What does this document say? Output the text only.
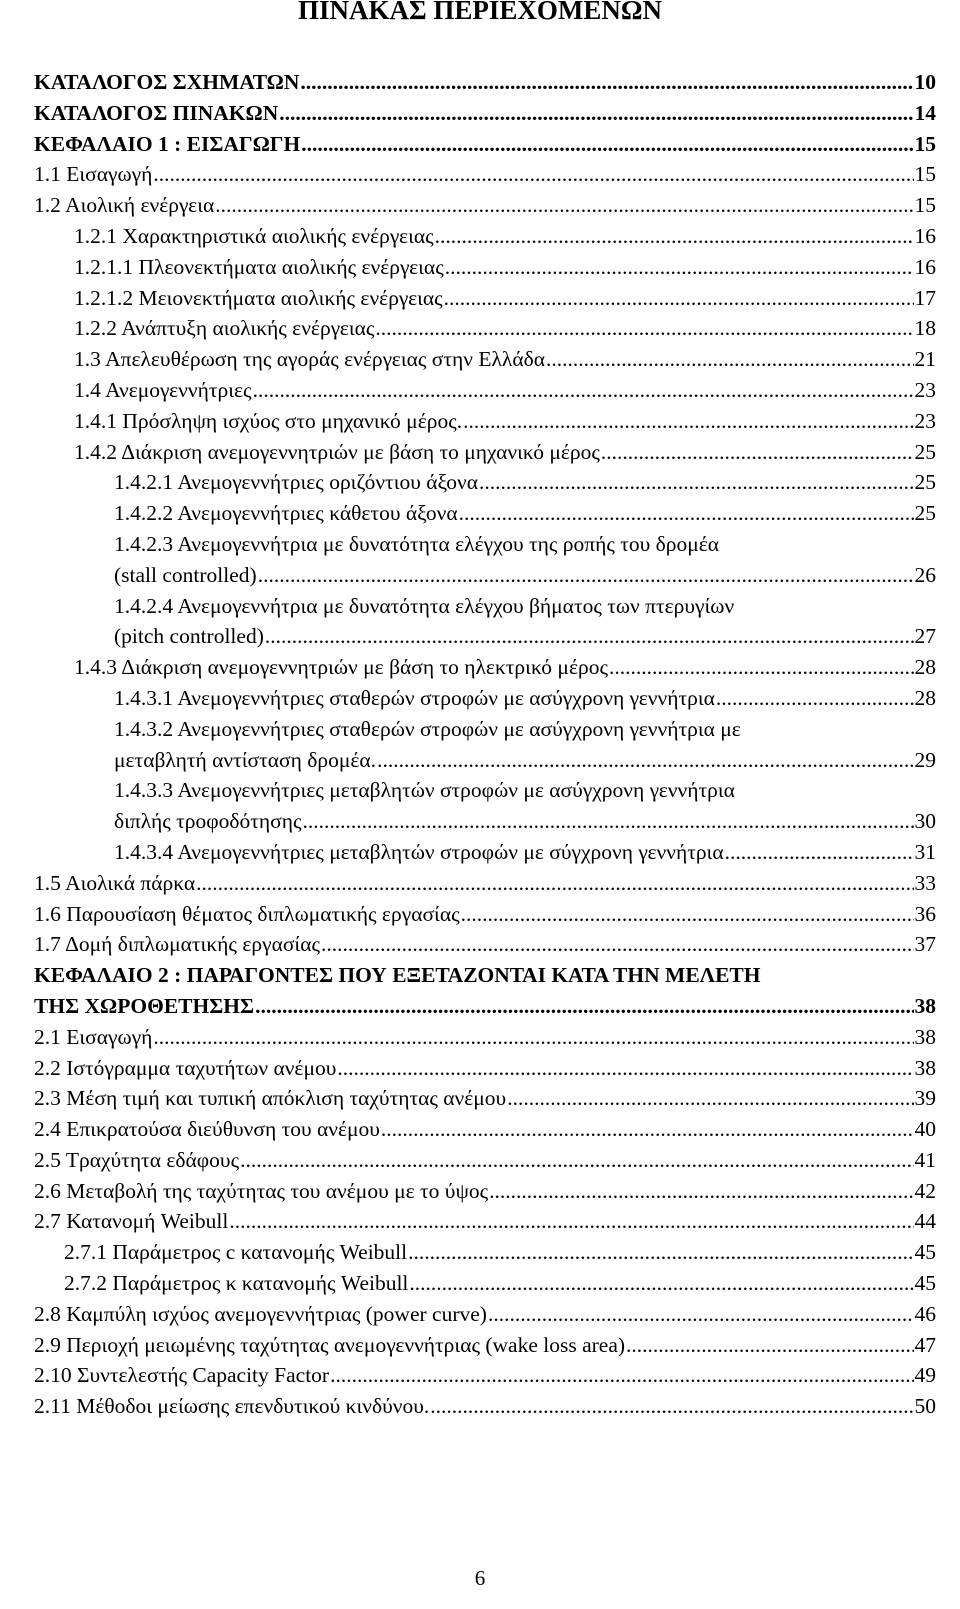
ΠΙΝΑΚΑΣ ΠΕΡΙΕΧΟΜΕΝΩΝ
ΚΑΤΑΛΟΓΟΣ ΣΧΗΜΑΤΩΝ .....	10
ΚΑΤΑΛΟΓΟΣ ΠΙΝΑΚΩΝ .....	14
ΚΕΦΑΛΑΙΟ 1 : ΕΙΣΑΓΩΓΗ .....	15
1.1 Εισαγωγή .....	15
1.2 Αιολική ενέργεια .....	15
1.2.1 Χαρακτηριστικά αιολικής ενέργειας .....	16
1.2.1.1 Πλεονεκτήματα αιολικής ενέργειας .....	16
1.2.1.2 Μειονεκτήματα αιολικής ενέργειας .....	17
1.2.2 Ανάπτυξη αιολικής ενέργειας .....	18
1.3 Απελευθέρωση της αγοράς ενέργειας στην Ελλάδα .....	21
1.4 Ανεμογεννήτριες .....	23
1.4.1 Πρόσληψη ισχύος στο μηχανικό μέρος. .....	23
1.4.2 Διάκριση ανεμογεννητριών με βάση το μηχανικό μέρος .....	25
1.4.2.1 Ανεμογεννήτριες οριζόντιου άξονα .....	25
1.4.2.2 Ανεμογεννήτριες κάθετου άξονα .....	25
1.4.2.3 Ανεμογεννήτρια με δυνατότητα ελέγχου της ροπής του δρομέα
(stall controlled) .....	26
1.4.2.4 Ανεμογεννήτρια με δυνατότητα ελέγχου βήματος των πτερυγίων
(pitch controlled) .....	27
1.4.3 Διάκριση ανεμογεννητριών με βάση το ηλεκτρικό μέρος .....	28
1.4.3.1 Ανεμογεννήτριες σταθερών στροφών με ασύγχρονη γεννήτρια .....	28
1.4.3.2 Ανεμογεννήτριες σταθερών στροφών με ασύγχρονη γεννήτρια με
μεταβλητή αντίσταση δρομέα. .....	29
1.4.3.3 Ανεμογεννήτριες μεταβλητών στροφών με ασύγχρονη γεννήτρια
διπλής τροφοδότησης .....	30
1.4.3.4 Ανεμογεννήτριες μεταβλητών στροφών με σύγχρονη γεννήτρια .....	31
1.5 Αιολικά πάρκα .....	33
1.6 Παρουσίαση θέματος διπλωματικής εργασίας .....	36
1.7 Δομή διπλωματικής εργασίας .....	37
ΚΕΦΑΛΑΙΟ 2 : ΠΑΡΑΓΟΝΤΕΣ ΠΟΥ ΕΞΕΤΑΖΟΝΤΑΙ ΚΑΤΑ ΤΗΝ ΜΕΛΕΤΗ
ΤΗΣ ΧΩΡΟΘΕΤΗΣΗΣ .....	38
2.1 Εισαγωγή .....	38
2.2 Ιστόγραμμα ταχυτήτων ανέμου .....	38
2.3 Μέση τιμή και τυπική απόκλιση ταχύτητας ανέμου .....	39
2.4 Επικρατούσα διεύθυνση του ανέμου .....	40
2.5 Τραχύτητα εδάφους .....	41
2.6 Μεταβολή της ταχύτητας του ανέμου με το ύψος .....	42
2.7 Κατανομή Weibull .....	44
2.7.1 Παράμετρος c κατανομής Weibull .....	45
2.7.2 Παράμετρος κ κατανομής Weibull .....	45
2.8 Καμπύλη ισχύος ανεμογεννήτριας (power curve) .....	46
2.9 Περιοχή μειωμένης ταχύτητας ανεμογεννήτριας (wake loss area) .....	47
2.10 Συντελεστής Capacity Factor .....	49
2.11 Μέθοδοι μείωσης επενδυτικού κινδύνου. .....	50
6
